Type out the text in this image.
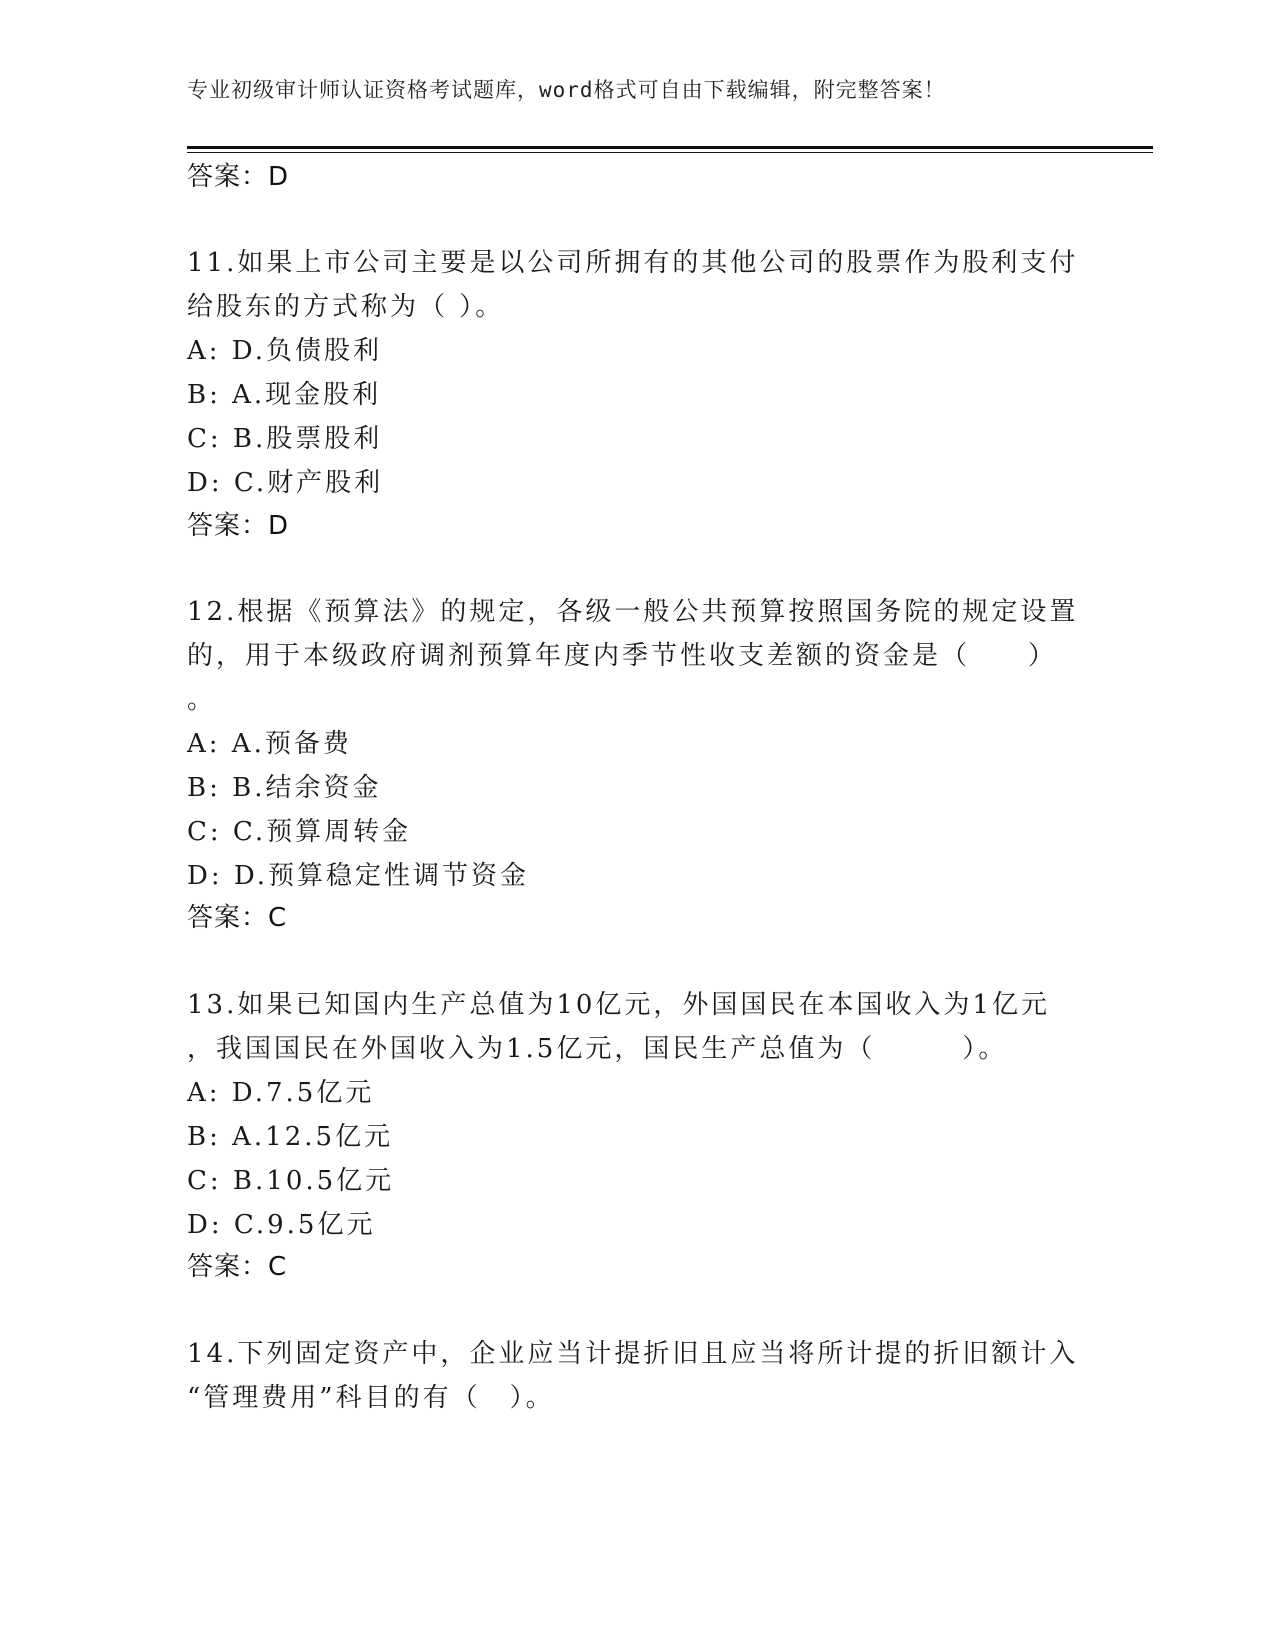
专业初级审计师认证资格考试题库，word格式可自由下载编辑，附完整答案！
答案：D
11.如果上市公司主要是以公司所拥有的其他公司的股票作为股利支付
给股东的方式称为（ ）。
A: D.负债股利
B: A.现金股利
C: B.股票股利
D: C.财产股利
答案：D
12.根据《预算法》的规定，各级一般公共预算按照国务院的规定设置
的，用于本级政府调剂预算年度内季节性收支差额的资金是（　　）
。
A: A.预备费
B: B.结余资金
C: C.预算周转金
D: D.预算稳定性调节资金
答案：C
13.如果已知国内生产总值为10亿元，外国国民在本国收入为1亿元
，我国国民在外国收入为1.5亿元，国民生产总值为（　　　）。
A: D.7.5亿元
B: A.12.5亿元
C: B.10.5亿元
D: C.9.5亿元
答案：C
14.下列固定资产中，企业应当计提折旧且应当将所计提的折旧额计入
“管理费用”科目的有（　）。
